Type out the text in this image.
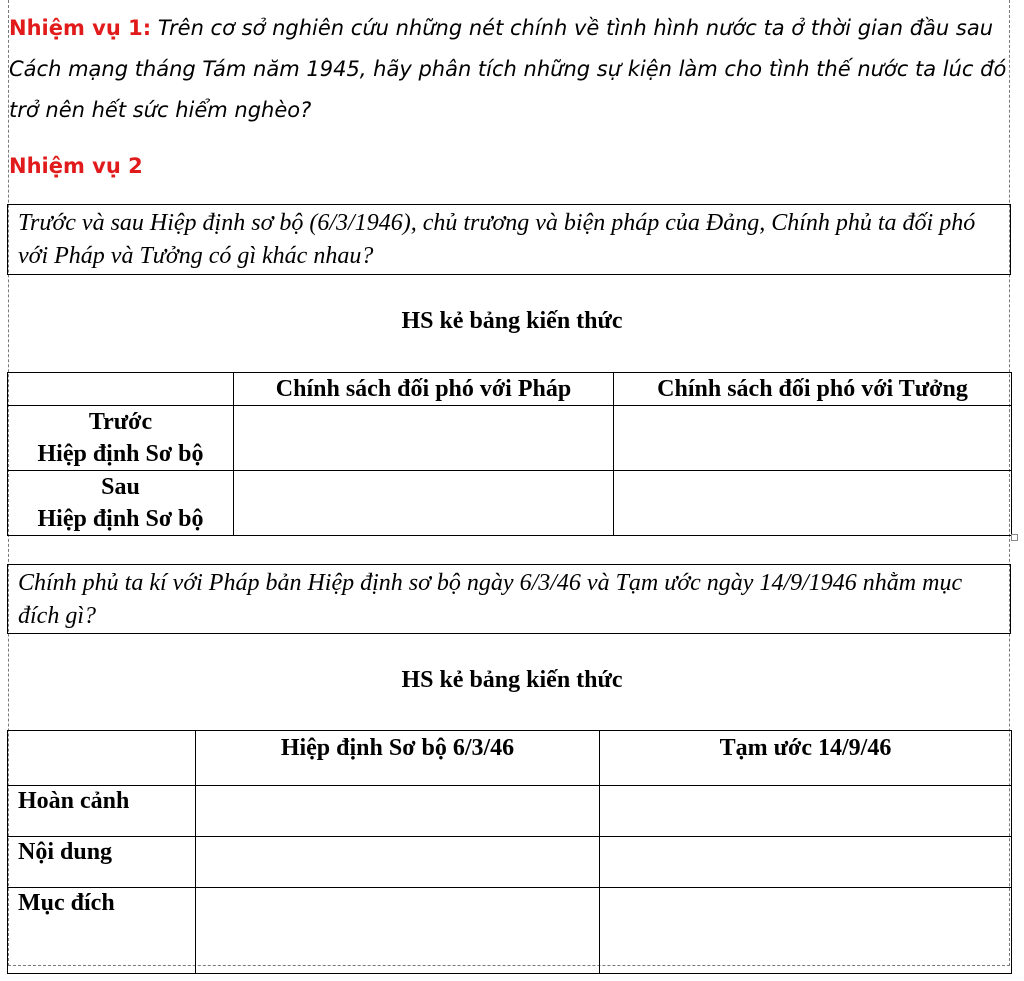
Nhiệm vụ 1: Trên cơ sở nghiên cứu những nét chính về tình hình nước ta ở thời gian đầu sau Cách mạng tháng Tám năm 1945, hãy phân tích những sự kiện làm cho tình thế nước ta lúc đó trở nên hết sức hiểm nghèo?
Nhiệm vụ 2
Trước và sau Hiệp định sơ bộ (6/3/1946), chủ trương và biện pháp của Đảng, Chính phủ ta đối phó với Pháp và Tưởng có gì khác nhau?
HS kẻ bảng kiến thức
	Chính sách đối phó với Pháp	Chính sách đối phó với Tưởng

Trước
Hiệp định Sơ bộ		

Sau
Hiệp định Sơ bộ		

Chính phủ ta kí với Pháp bản Hiệp định sơ bộ ngày 6/3/46 và Tạm ước ngày 14/9/1946 nhằm mục đích gì?
HS kẻ bảng kiến thức
	Hiệp định Sơ bộ 6/3/46	Tạm ước 14/9/46
Hoàn cảnh		
Nội dung		
Mục đích		
